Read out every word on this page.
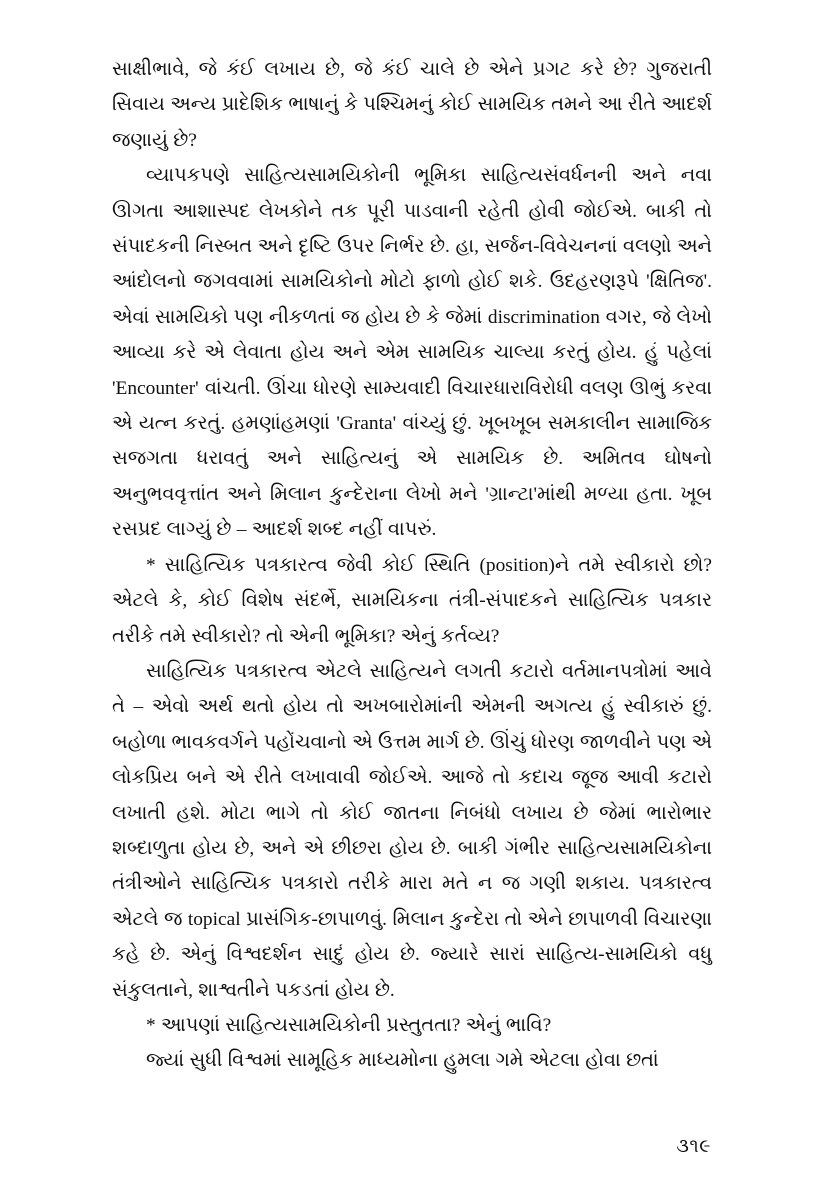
સાક્ષીભાવે, જે કંઈ લખાય છે, જે કંઈ ચાલે છે એને પ્રગટ કરે છે? ગુજરાતી સિવાય અન્ય પ્રાદેશિક ભાષાનું કે પશ્ચિમનું કોઈ સામયિક તમને આ રીતે આદર્શ જણાયું છે?

વ્યાપકપણે સાહિત્યસામયિકોની ભૂમિકા સાહિત્યસંવર્ધનની અને નવા ઊગતા આશાસ્પદ લેખકોને તક પૂરી પાડવાની રહેતી હોવી જોઈએ. બાકી તો સંપાદકની નિસ્બત અને દૃષ્ટિ ઉપર નિર્ભર છે. હા, સર્જન-વિવેચનનાં વલણો અને આંદોલનો જગવવામાં સામયિકોનો મોટો ફાળો હોઈ શકે. ઉદહરણરૂપે 'ક્ષિતિજ'. એવાં સામયિકો પણ નીકળતાં જ હોય છે કે જેમાં discrimination વગર, જે લેખો આવ્યા કરે એ લેવાતા હોય અને એમ સામયિક ચાલ્યા કરતું હોય. હું પહેલાં 'Encounter' વાંચતી. ઊંચા ધોરણે સામ્યવાદી વિચારધારાવિરોધી વલણ ઊભું કરવા એ યત્ન કરતું. હમણાંહમણાં 'Granta' વાંચ્યું છું. ખૂબખૂબ સમકાલીન સામાજિક સજગતા ધરાવતું અને સાહિત્યનું એ સામયિક છે. અમિતવ ઘોષનો અનુભવવૃત્તાંત અને મિલાન કુન્દેરાના લેખો મને 'ગ્રાન્ટા'માંથી મળ્યા હતા. ખૂબ રસપ્રદ લાગ્યું છે – આદર્શ શબ્દ નહીં વાપરું.

* સાહિત્યિક પત્રકારત્વ જેવી કોઈ સ્થિતિ (position)ને તમે સ્વીકારો છો? એટલે કે, કોઈ વિશેષ સંદર્ભે, સામયિકના તંત્રી-સંપાદકને સાહિત્યિક પત્રકાર તરીકે તમે સ્વીકારો? તો એની ભૂમિકા? એનું કર્તવ્ય?

સાહિત્યિક પત્રકારત્વ એટલે સાહિત્યને લગતી કટારો વર્તમાનપત્રોમાં આવે તે – એવો અર્થ થતો હોય તો અખબારોમાંની એમની અગત્ય હું સ્વીકારું છું. બહોળા ભાવકવર્ગને પહોંચવાનો એ ઉત્તમ માર્ગ છે. ઊંચું ધોરણ જાળવીને પણ એ લોકપ્રિય બને એ રીતે લખાવાવી જોઈએ. આજે તો કદાચ જૂજ આવી કટારો લખાતી હશે. મોટા ભાગે તો કોઈ જાતના નિબંધો લખાય છે જેમાં ભારોભાર શબ્દાળુતા હોય છે, અને એ છીછરા હોય છે. બાકી ગંભીર સાહિત્યસામયિકોના તંત્રીઓને સાહિત્યિક પત્રકારો તરીકે મારા મતે ન જ ગણી શકાય. પત્રકારત્વ એટલે જ topical પ્રાસંગિક-છાપાળવું. મિલાન કુન્દેરા તો એને છાપાળવી વિચારણા કહે છે. એનું વિશ્વદર્શન સાદું હોય છે. જ્યારે સારાં સાહિત્ય-સામયિકો વધુ સંકુલતાને, શાશ્વતીને પકડતાં હોય છે.

* આપણાં સાહિત્યસામયિકોની પ્રસ્તુતતા? એનું ભાવિ?

જ્યાં સુધી વિશ્વમાં સામૂહિક માધ્યમોના હુમલા ગમે એટલા હોવા છતાં

૩૧૯
